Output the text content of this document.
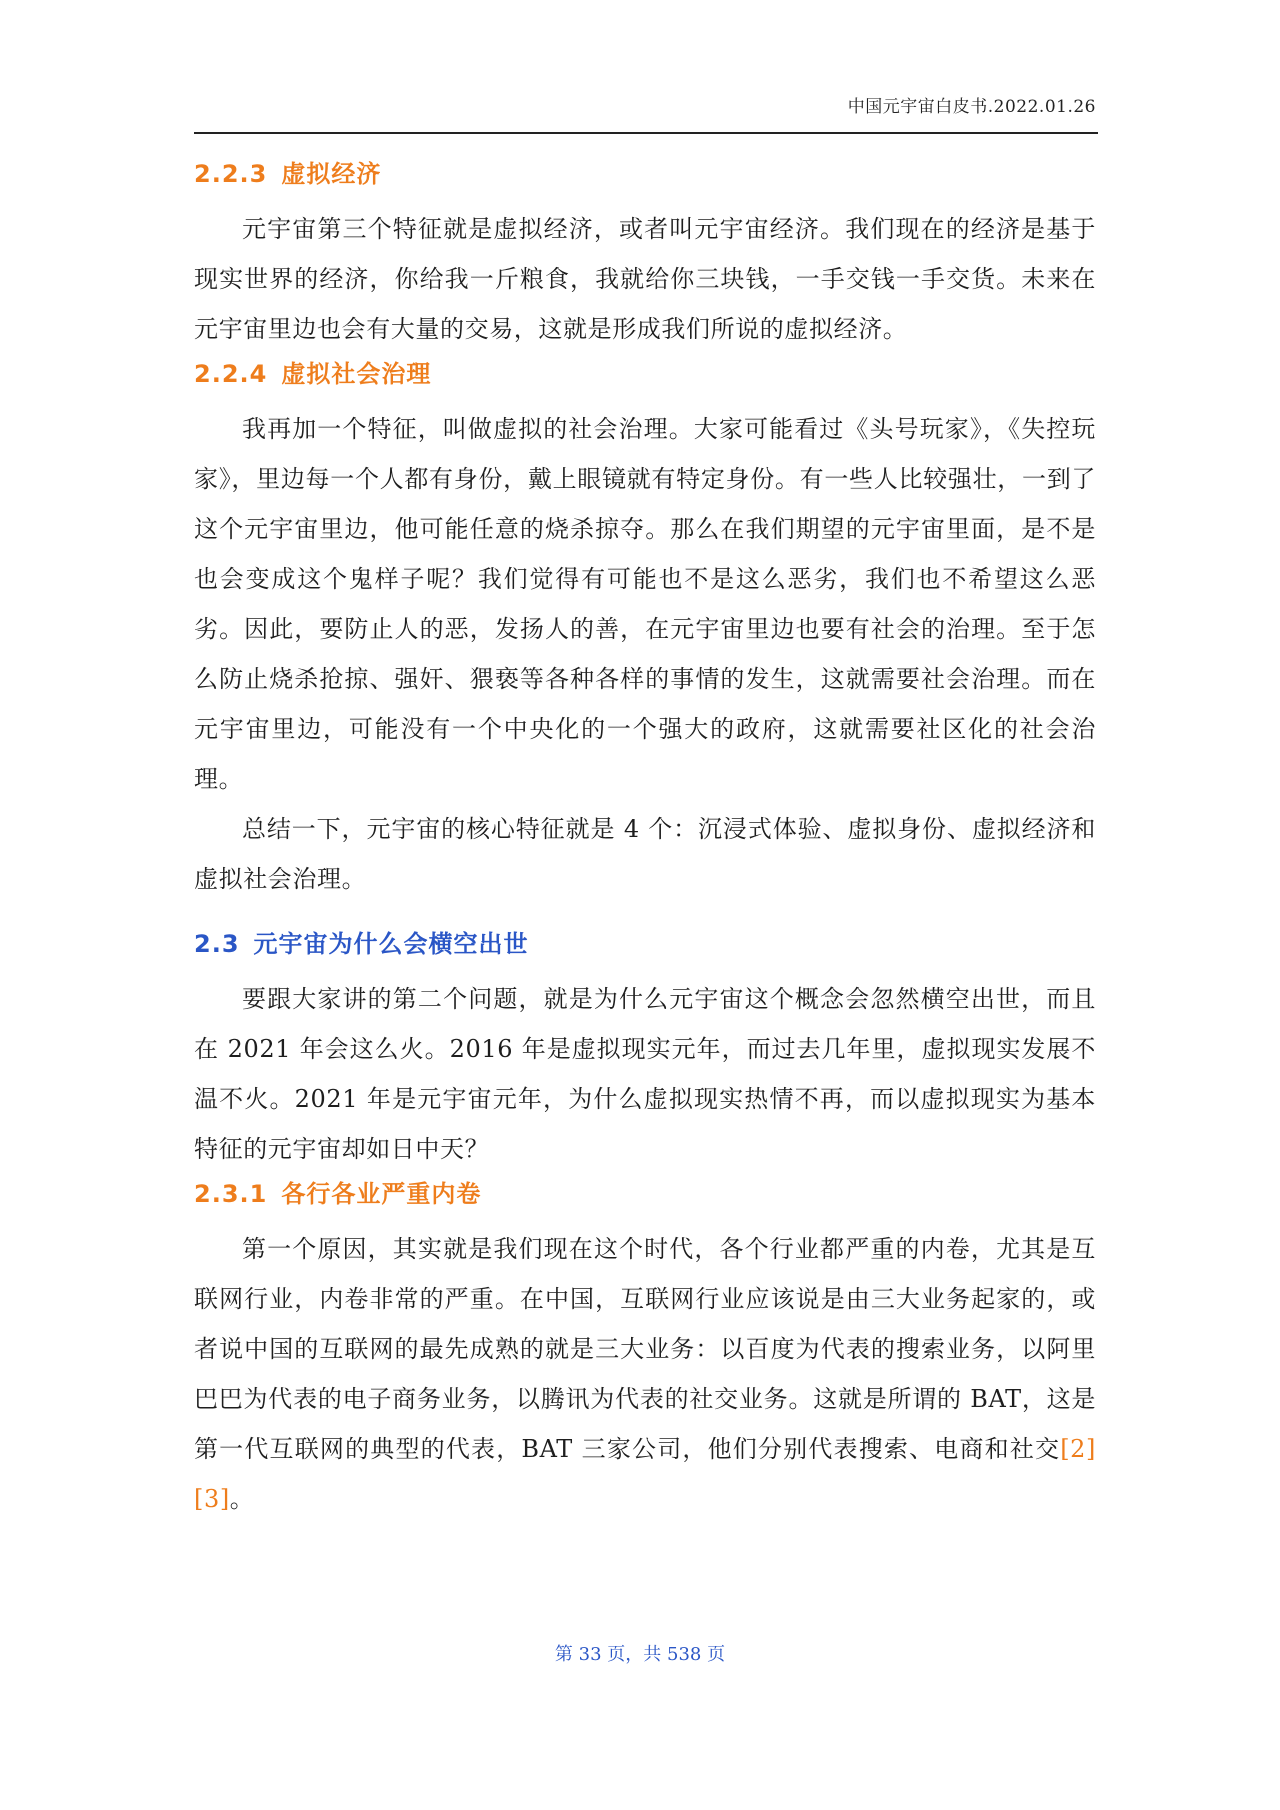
中国元宇宙白皮书.2022.01.26
2.2.3 虚拟经济

元宇宙第三个特征就是虚拟经济，或者叫元宇宙经济。我们现在的经济是基于现实世界的经济，你给我一斤粮食，我就给你三块钱，一手交钱一手交货。未来在元宇宙里边也会有大量的交易，这就是形成我们所说的虚拟经济。

2.2.4 虚拟社会治理

我再加一个特征，叫做虚拟的社会治理。大家可能看过《头号玩家》，《失控玩家》，里边每一个人都有身份，戴上眼镜就有特定身份。有一些人比较强壮，一到了这个元宇宙里边，他可能任意的烧杀掠夺。那么在我们期望的元宇宙里面，是不是也会变成这个鬼样子呢？我们觉得有可能也不是这么恶劣，我们也不希望这么恶劣。因此，要防止人的恶，发扬人的善，在元宇宙里边也要有社会的治理。至于怎么防止烧杀抢掠、强奸、猥亵等各种各样的事情的发生，这就需要社会治理。而在元宇宙里边，可能没有一个中央化的一个强大的政府，这就需要社区化的社会治理。

总结一下，元宇宙的核心特征就是 4 个：沉浸式体验、虚拟身份、虚拟经济和虚拟社会治理。

2.3 元宇宙为什么会横空出世

要跟大家讲的第二个问题，就是为什么元宇宙这个概念会忽然横空出世，而且在 2021 年会这么火。2016 年是虚拟现实元年，而过去几年里，虚拟现实发展不温不火。2021 年是元宇宙元年，为什么虚拟现实热情不再，而以虚拟现实为基本特征的元宇宙却如日中天？

2.3.1 各行各业严重内卷

第一个原因，其实就是我们现在这个时代，各个行业都严重的内卷，尤其是互联网行业，内卷非常的严重。在中国，互联网行业应该说是由三大业务起家的，或者说中国的互联网的最先成熟的就是三大业务：以百度为代表的搜索业务，以阿里巴巴为代表的电子商务业务，以腾讯为代表的社交业务。这就是所谓的 BAT，这是第一代互联网的典型的代表，BAT 三家公司，他们分别代表搜索、电商和社交[2][3]。

第 33 页，共 538 页
